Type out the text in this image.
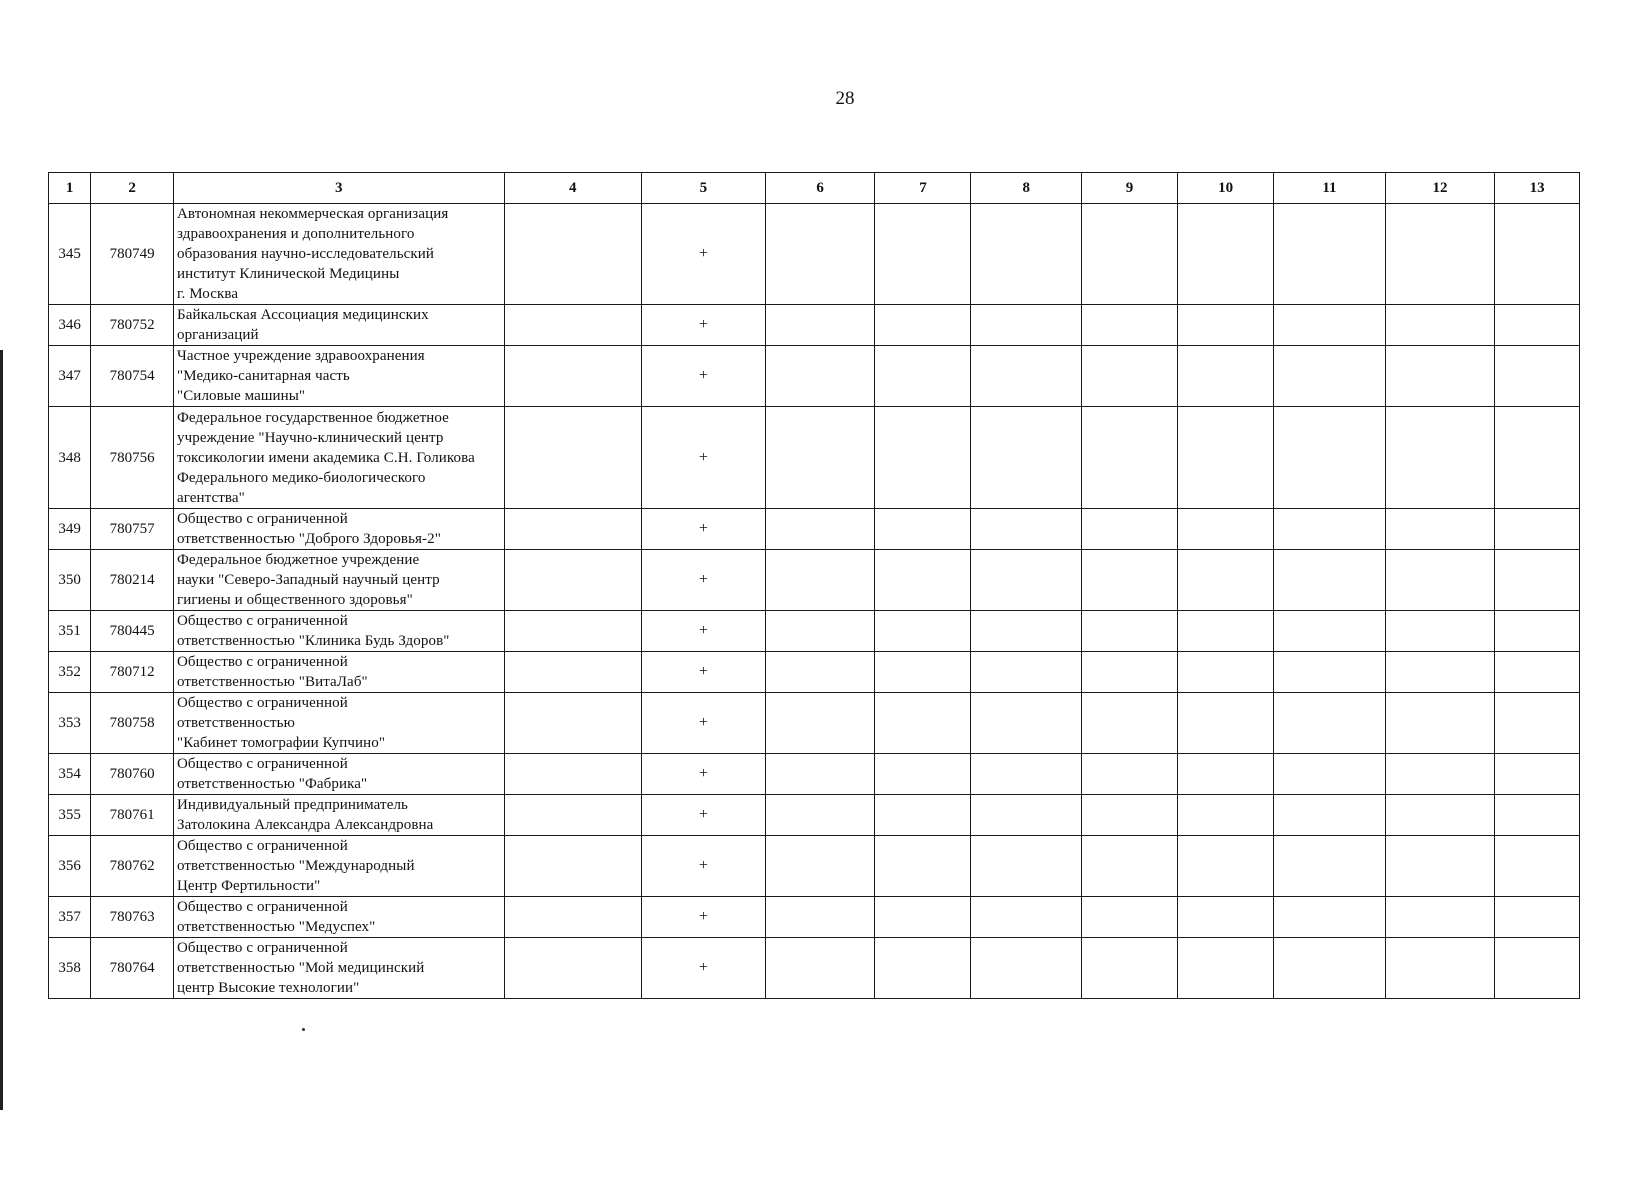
28
1	2	3	4	5	6	7	8	9	10	11	12	13
345	780749	Автономная некоммерческая организация
здравоохранения и дополнительного
образования научно-исследовательский
институт Клинической Медицины
г. Москва		+								
346	780752	Байкальская Ассоциация медицинских
организаций		+								
347	780754	Частное учреждение здравоохранения
"Медико-санитарная часть
"Силовые машины"		+								
348	780756	Федеральное государственное бюджетное
учреждение "Научно-клинический центр
токсикологии имени академика С.Н. Голикова
Федерального медико-биологического
агентства"		+								
349	780757	Общество с ограниченной
ответственностью "Доброго Здоровья-2"		+								
350	780214	Федеральное бюджетное учреждение
науки "Северо-Западный научный центр
гигиены и общественного здоровья"		+								
351	780445	Общество с ограниченной
ответственностью "Клиника Будь Здоров"		+								
352	780712	Общество с ограниченной
ответственностью "ВитаЛаб"		+								
353	780758	Общество с ограниченной
ответственностью
"Кабинет томографии Купчино"		+								
354	780760	Общество с ограниченной
ответственностью "Фабрика"		+								
355	780761	Индивидуальный предприниматель
Затолокина Александра Александровна		+								
356	780762	Общество с ограниченной
ответственностью "Международный
Центр Фертильности"		+								
357	780763	Общество с ограниченной
ответственностью "Медуспех"		+								
358	780764	Общество с ограниченной
ответственностью "Мой медицинский
центр Высокие технологии"		+								
